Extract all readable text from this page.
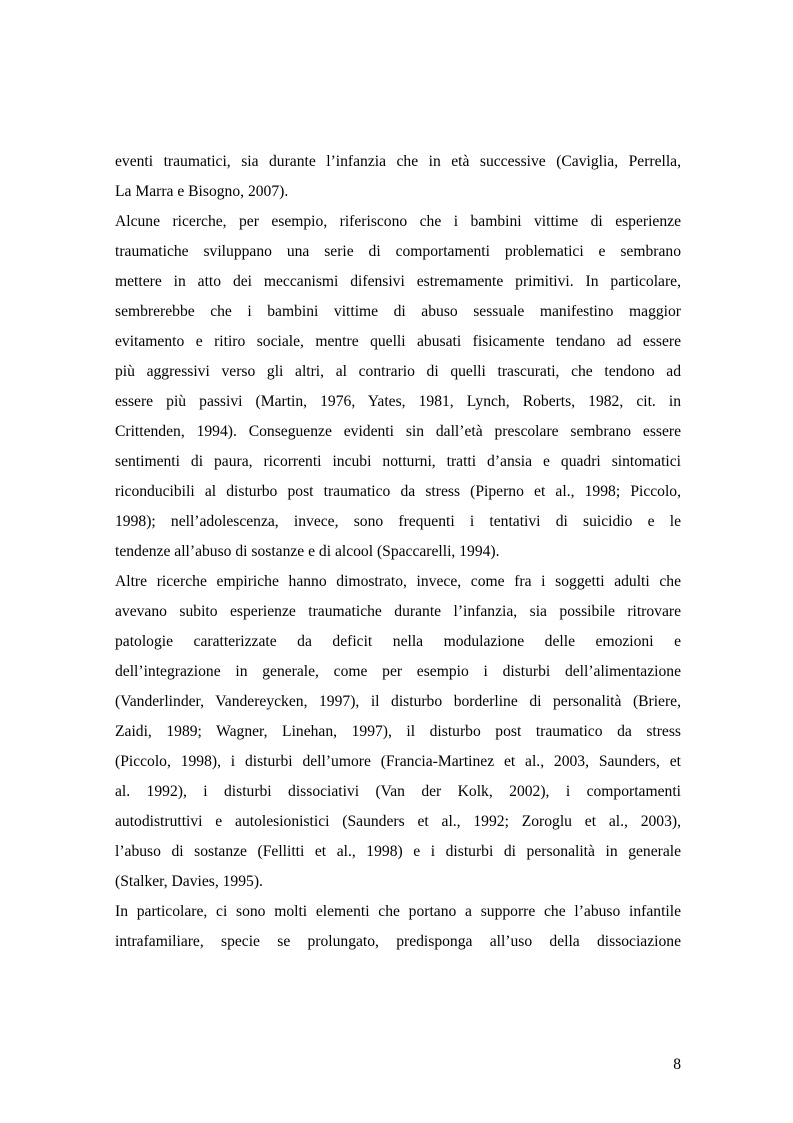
eventi traumatici, sia durante l’infanzia che in età successive (Caviglia, Perrella,
La Marra e Bisogno, 2007).
Alcune ricerche, per esempio, riferiscono che i bambini vittime di esperienze
traumatiche sviluppano una serie di comportamenti problematici e sembrano
mettere in atto dei meccanismi difensivi estremamente primitivi. In particolare,
sembrerebbe che i bambini vittime di abuso sessuale manifestino maggior
evitamento e ritiro sociale, mentre quelli abusati fisicamente tendano ad essere
più aggressivi verso gli altri, al contrario di quelli trascurati, che tendono ad
essere più passivi (Martin, 1976, Yates, 1981, Lynch, Roberts, 1982, cit. in
Crittenden, 1994). Conseguenze evidenti sin dall’età prescolare sembrano essere
sentimenti di paura, ricorrenti incubi notturni, tratti d’ansia e quadri sintomatici
riconducibili al disturbo post traumatico da stress (Piperno et al., 1998; Piccolo,
1998); nell’adolescenza, invece, sono frequenti i tentativi di suicidio e le
tendenze all’abuso di sostanze e di alcool (Spaccarelli, 1994).
Altre ricerche empiriche hanno dimostrato, invece, come fra i soggetti adulti che
avevano subito esperienze traumatiche durante l’infanzia, sia possibile ritrovare
patologie caratterizzate da deficit nella modulazione delle emozioni e
dell’integrazione in generale, come per esempio i disturbi dell’alimentazione
(Vanderlinder, Vandereycken, 1997), il disturbo borderline di personalità (Briere,
Zaidi, 1989; Wagner, Linehan, 1997), il disturbo post traumatico da stress
(Piccolo, 1998), i disturbi dell’umore (Francia-Martinez et al., 2003, Saunders, et
al. 1992), i disturbi dissociativi (Van der Kolk, 2002), i comportamenti
autodistruttivi e autolesionistici (Saunders et al., 1992; Zoroglu et al., 2003),
l’abuso di sostanze (Fellitti et al., 1998) e i disturbi di personalità in generale
(Stalker, Davies, 1995).
In particolare, ci sono molti elementi che portano a supporre che l’abuso infantile
intrafamiliare, specie se prolungato, predisponga all’uso della dissociazione
8
